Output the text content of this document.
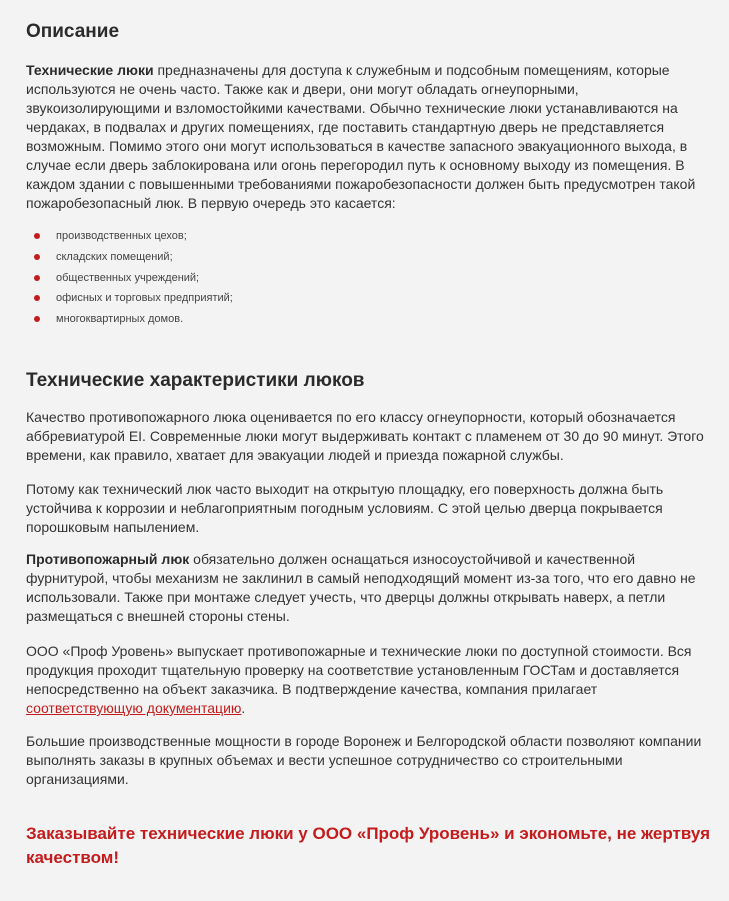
Описание

Технические люки предназначены для доступа к служебным и подсобным помещениям, которые используются не очень часто. Также как и двери, они могут обладать огнеупорными, звукоизолирующими и взломостойкими качествами. Обычно технические люки устанавливаются на чердаках, в подвалах и других помещениях, где поставить стандартную дверь не представляется возможным. Помимо этого они могут использоваться в качестве запасного эвакуационного выхода, в случае если дверь заблокирована или огонь перегородил путь к основному выходу из помещения. В каждом здании с повышенными требованиями пожаробезопасности должен быть предусмотрен такой пожаробезопасный люк. В первую очередь это касается:

производственных цехов;
складских помещений;
общественных учреждений;
офисных и торговых предприятий;
многоквартирных домов.
Технические характеристики люков

Качество противопожарного люка оценивается по его классу огнеупорности, который обозначается аббревиатурой EI. Современные люки могут выдерживать контакт с пламенем от 30 до 90 минут. Этого времени, как правило, хватает для эвакуации людей и приезда пожарной службы.

Потому как технический люк часто выходит на открытую площадку, его поверхность должна быть устойчива к коррозии и неблагоприятным погодным условиям. С этой целью дверца покрывается порошковым напылением.

Противопожарный люк обязательно должен оснащаться износоустойчивой и качественной фурнитурой, чтобы механизм не заклинил в самый неподходящий момент из-за того, что его давно не использовали. Также при монтаже следует учесть, что дверцы должны открывать наверх, а петли размещаться с внешней стороны стены.

ООО «Проф Уровень» выпускает противопожарные и технические люки по доступной стоимости. Вся продукция проходит тщательную проверку на соответствие установленным ГОСТам и доставляется непосредственно на объект заказчика. В подтверждение качества, компания прилагает соответствующую документацию.

Большие производственные мощности в городе Воронеж и Белгородской области позволяют компании выполнять заказы в крупных объемах и вести успешное сотрудничество со строительными организациями.

Заказывайте технические люки у ООО «Проф Уровень» и экономьте, не жертвуя качеством!
